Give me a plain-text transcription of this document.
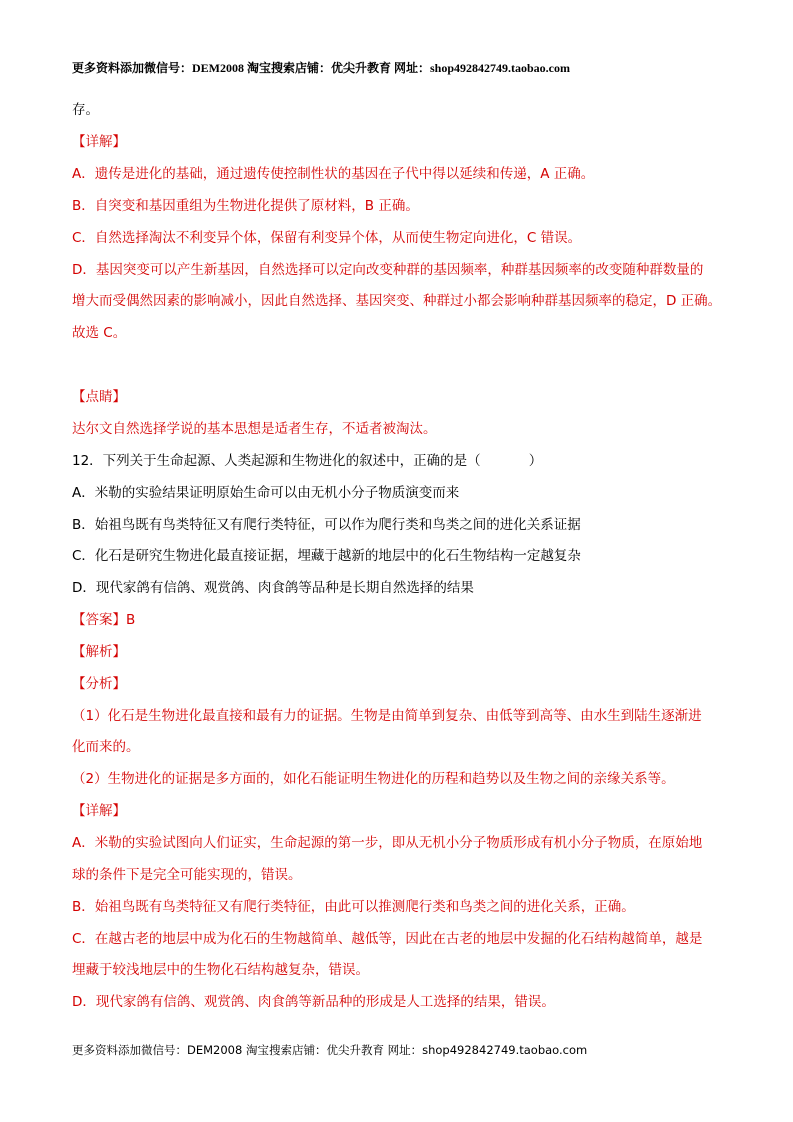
更多资料添加微信号：DEM2008 淘宝搜索店铺：优尖升教育 网址：shop492842749.taobao.com
存。
【详解】
A．遗传是进化的基础，通过遗传使控制性状的基因在子代中得以延续和传递，A 正确。
B．自突变和基因重组为生物进化提供了原材料，B 正确。
C．自然选择淘汰不利变异个体，保留有利变异个体，从而使生物定向进化，C 错误。
D．基因突变可以产生新基因，自然选择可以定向改变种群的基因频率，种群基因频率的改变随种群数量的
增大而受偶然因素的影响减小，因此自然选择、基因突变、种群过小都会影响种群基因频率的稳定，D 正确。
故选 C。
【点睛】
达尔文自然选择学说的基本思想是适者生存，不适者被淘汰。
12．下列关于生命起源、人类起源和生物进化的叙述中，正确的是（	）
A．米勒的实验结果证明原始生命可以由无机小分子物质演变而来
B．始祖鸟既有鸟类特征又有爬行类特征，可以作为爬行类和鸟类之间的进化关系证据
C．化石是研究生物进化最直接证据，埋藏于越新的地层中的化石生物结构一定越复杂
D．现代家鸽有信鸽、观赏鸽、肉食鸽等品种是长期自然选择的结果
【答案】B
【解析】
【分析】
（1）化石是生物进化最直接和最有力的证据。生物是由简单到复杂、由低等到高等、由水生到陆生逐渐进
化而来的。
（2）生物进化的证据是多方面的，如化石能证明生物进化的历程和趋势以及生物之间的亲缘关系等。
【详解】
A．米勒的实验试图向人们证实，生命起源的第一步，即从无机小分子物质形成有机小分子物质，在原始地
球的条件下是完全可能实现的，错误。
B．始祖鸟既有鸟类特征又有爬行类特征，由此可以推测爬行类和鸟类之间的进化关系，正确。
C．在越古老的地层中成为化石的生物越简单、越低等，因此在古老的地层中发掘的化石结构越简单，越是
埋藏于较浅地层中的生物化石结构越复杂，错误。
D．现代家鸽有信鸽、观赏鸽、肉食鸽等新品种的形成是人工选择的结果，错误。
更多资料添加微信号：DEM2008 淘宝搜索店铺：优尖升教育 网址：shop492842749.taobao.com
